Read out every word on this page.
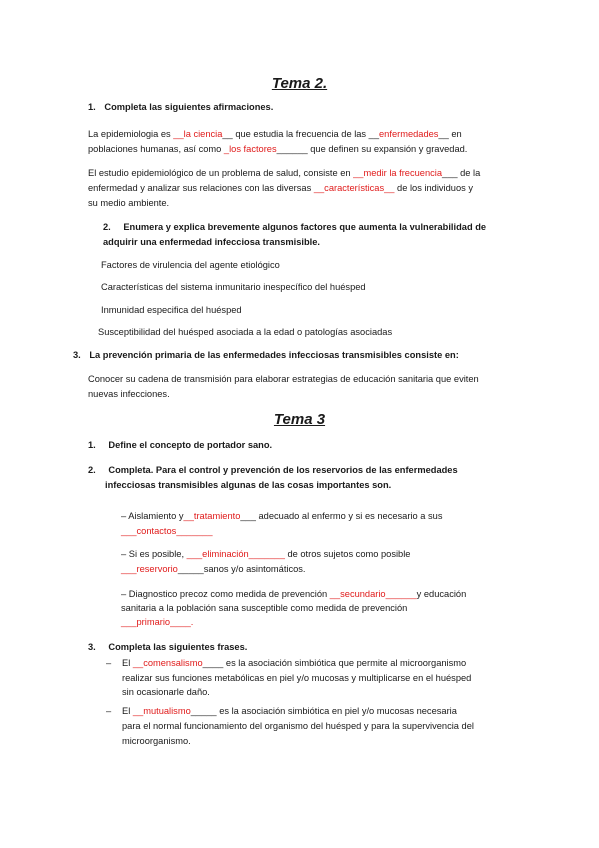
Tema 2.
1. Completa las siguientes afirmaciones.
La epidemiologia es __la ciencia__ que estudia la frecuencia de las __enfermedades__ en
poblaciones humanas, así como _los factores______ que definen su expansión y gravedad.
El estudio epidemiológico de un problema de salud, consiste en __medir la frecuencia___ de la
enfermedad y analizar sus relaciones con las diversas __características__ de los individuos y
su medio ambiente.
2. Enumera y explica brevemente algunos factores que aumenta la vulnerabilidad de
adquirir una enfermedad infecciosa transmisible.
Factores de virulencia del agente etiológico
Características del sistema inmunitario inespecífico del huésped
Inmunidad especifica del huésped
Susceptibilidad del huésped asociada a la edad o patologías asociadas
3. La prevención primaria de las enfermedades infecciosas transmisibles consiste en:
Conocer su cadena de transmisión para elaborar estrategias de educación sanitaria que eviten
nuevas infecciones.
Tema 3
1. Define el concepto de portador sano.
2. Completa. Para el control y prevención de los reservorios de las enfermedades
infecciosas transmisibles algunas de las cosas importantes son.
– Aislamiento y__tratamiento___ adecuado al enfermo y si es necesario a sus
___contactos_______
– Si es posible, ___eliminación_______ de otros sujetos como posible
___reservorio_____sanos y/o asintomáticos.
– Diagnostico precoz como medida de prevención __secundario______y educación
sanitaria a la población sana susceptible como medida de prevención
___primario____.
3. Completa las siguientes frases.
– El __comensalismo____ es la asociación simbiótica que permite al microorganismo
realizar sus funciones metabólicas en piel y/o mucosas y multiplicarse en el huésped
sin ocasionarle daño.
– El __mutualismo_____ es la asociación simbiótica en piel y/o mucosas necesaria
para el normal funcionamiento del organismo del huésped y para la supervivencia del
microorganismo.
